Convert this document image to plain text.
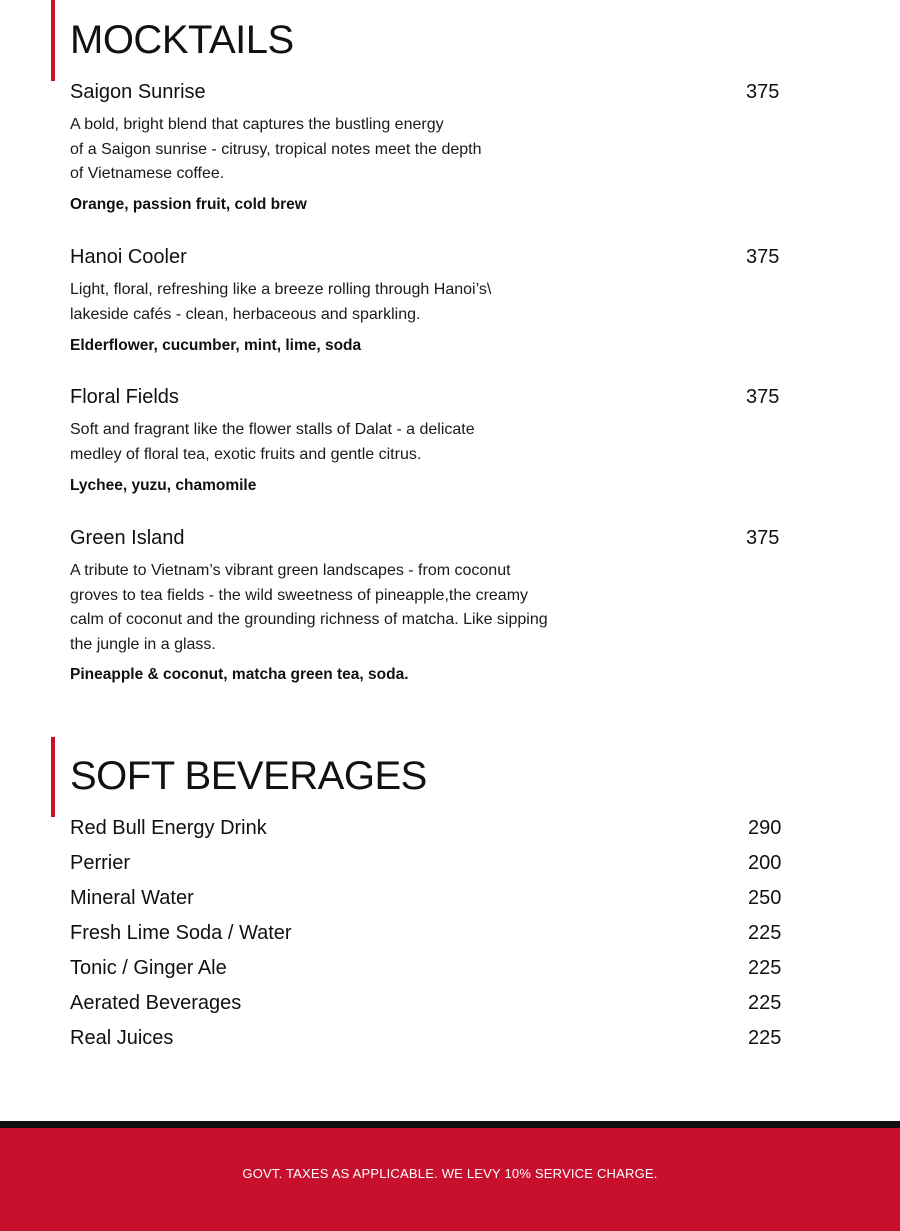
MOCKTAILS
Saigon Sunrise	375
A bold, bright blend that captures the bustling energy
of a Saigon sunrise - citrusy, tropical notes meet the depth
of Vietnamese coffee.
Orange, passion fruit, cold brew
Hanoi Cooler	375
Light, floral, refreshing like a breeze rolling through Hanoi’s\
lakeside cafés - clean, herbaceous and sparkling.
Elderflower, cucumber, mint, lime, soda
Floral Fields	375
Soft and fragrant like the flower stalls of Dalat - a delicate
medley of floral tea, exotic fruits and gentle citrus.
Lychee, yuzu, chamomile
Green Island	375
A tribute to Vietnam’s vibrant green landscapes - from coconut
groves to tea fields - the wild sweetness of pineapple,the creamy
calm of coconut and the grounding richness of matcha. Like sipping
the jungle in a glass.
Pineapple & coconut, matcha green tea, soda.
SOFT BEVERAGES
Red Bull Energy Drink	290
Perrier	200
Mineral Water	250
Fresh Lime Soda / Water	225
Tonic / Ginger Ale	225
Aerated Beverages	225
Real Juices	225
GOVT. TAXES AS APPLICABLE. WE LEVY 10% SERVICE CHARGE.
